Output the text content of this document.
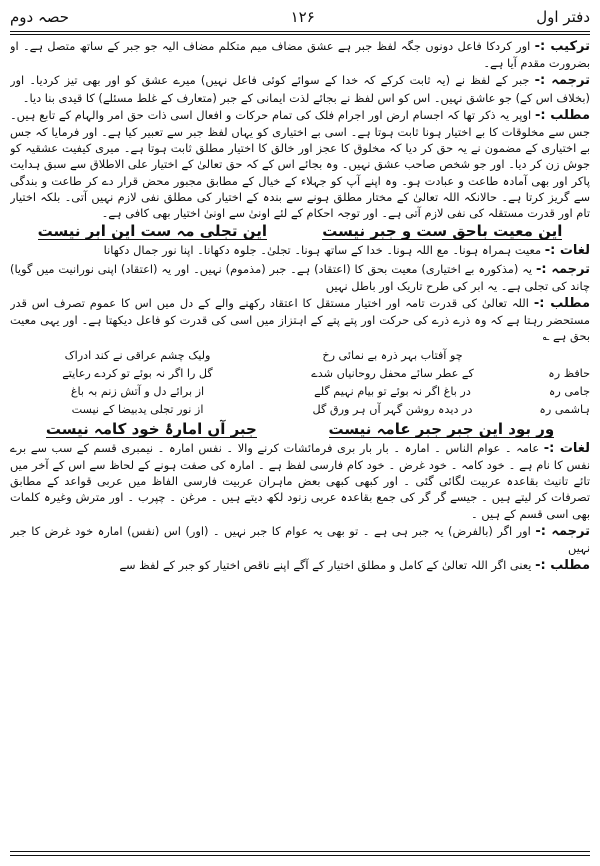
دفتر اول
۱۲۶
حصہ دوم

ترکیب :- اور کردکا فاعل دونوں جگہ لفظ جبر ہے عشق مضاف میم متکلم مضاف الیہ جو جبر کے ساتھ متصل ہے۔ او بضرورت مقدم آیا ہے۔

ترجمہ :- جبر کے لفظ نے (یہ ثابت کرکے کہ خدا کے سوائے کوئی فاعل نہیں) میرے عشق کو اور بھی تیز کردیا۔ اور (بخلاف اس کے) جو عاشق نہیں۔ اس کو اس لفظ نے بجائے لذت ایمانی کے جبر (متعارف کے غلط مسئلے) کا قیدی بنا دیا۔

مطلب :- اوپر یہ ذکر تھا کہ اجسام ارض اور اجرام فلک کی تمام حرکات و افعال اسی ذات حق امر والہام کے تابع ہیں۔ جس سے مخلوقات کا بے اختیار ہونا ثابت ہوتا ہے۔ اسی بے اختیاری کو یہاں لفظ جبر سے تعبیر کیا ہے۔ اور فرمایا کہ جس بے اختیاری کے مضمون نے یہ حق کر دیا کہ مخلوق کا عجز اور خالق کا اختیار مطلق ثابت ہوتا ہے۔ میری کیفیت عشقیہ کو جوش زن کر دیا۔ اور جو شخص صاحب عشق نہیں۔ وہ بجائے اس کے کہ حق تعالیٰ کے اختیار علی الاطلاق سے سبق ہدایت پاکر اور بھی آمادہ طاعت و عبادت ہو۔ وہ اپنے آپ کو جہلاء کے خیال کے مطابق مجبور محض قرار دے کر طاعت و بندگی سے گریز کرتا ہے۔ حالانکہ اللہ تعالیٰ کے مختار مطلق ہونے سے بندہ کے اختیار کی مطلق نفی لازم نہیں آتی۔ بلکہ اختیار تام اور قدرت مستقلہ کی نفی لازم آتی ہے۔ اور توجہ احکام کے لئے اونیٰ سے اونیٰ اختیار بھی کافی ہے۔

این معیت باحق ست و جبر نیست
این تجلی مہ ست این ابر نیست

لغات :- معیت ہمراہ ہونا۔ مع اللہ ہونا۔ خدا کے ساتھ ہونا۔ تجلیٰ۔ جلوہ دکھانا۔ اپنا نور جمال دکھانا

ترجمہ :- یہ (مذکورہ بے اختیاری) معیت بحق کا (اعتقاد) ہے۔ جبر (مذموم) نہیں۔ اور یہ (اعتقاد) اپنی نورانیت میں گویا) چاند کی تجلی ہے۔ یہ ابر کی طرح تاریک اور باطل نہیں

مطلب :- اللہ تعالیٰ کی قدرت تامہ اور اختیار مستقل کا اعتقاد رکھنے والے کے دل میں اس کا عموم تصرف اس قدر مستحضر رہتا ہے کہ وہ ذرے ذرے کی حرکت اور پتے پتے کے اہتزاز میں اسی کی قدرت کو فاعل دیکھتا ہے۔ اور یہی معیت بحق ہے ؎

چو آفتاب بہر ذرہ بے نمائی رخ
ولیک چشم عراقی نے کند ادراک
حافظ رہ
کے عطر سائے محفل روحانیاں شدے
گل را اگر نہ بوئے تو کردے رعایتے
جامی رہ
در باغ اگر نہ بوئے تو بیام نہیم گلے
از برائے دل و آتش زنم بہ باغ
ہاشمی رہ
در دیدہ روشن گہر آں ہر ورق گل
از نور تجلی یدبیضا کے نیست
ور بود این جبر جبر عامہ نیست
جبر آں امارۂ خود کامہ نیست

لغات :- عامہ ۔ عوام الناس ۔ امارہ ۔ بار بار بری فرمائشات کرنے والا ۔ نفس امارہ ۔ نیمبری قسم کے سب سے برے نفس کا نام ہے ۔ خود کامہ ۔ خود غرض ۔ خود کام فارسی لفظ ہے ۔ امارہ کی صفت ہونے کے لحاظ سے اس کے آخر میں تائے تانیث بقاعدہ عربیت لگائی گئی ۔ اور کبھی کبھی بعض ماہران عربیت فارسی الفاظ میں عربی قواعد کے مطابق تصرفات کر لیتے ہیں ۔ جیسے گر گر کی جمع بقاعدہ عربی زنود لکھ دیتے ہیں ۔ مرغن ۔ چپرب ۔ اور مترش وغیرہ کلمات بھی اسی قسم کے ہیں ۔

ترجمہ :- اور اگر (بالفرض) یہ جبر ہی ہے ۔ تو بھی یہ عوام کا جبر نہیں ۔ (اور) اس (نفس) امارہ خود غرض کا جبر نہیں

مطلب :- یعنی اگر اللہ تعالیٰ کے کامل و مطلق اختیار کے آگے اپنے ناقص اختیار کو جبر کے لفظ سے
